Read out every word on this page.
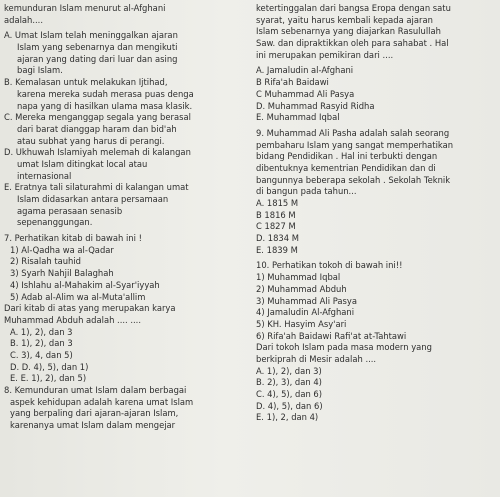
kemunduran Islam menurut al-Afghani
adalah....
A. Umat Islam telah meninggalkan ajaran
Islam yang sebenarnya dan mengikuti
ajaran yang dating dari luar dan asing
bagi Islam.
B. Kemalasan untuk melakukan Ijtihad,
karena mereka sudah merasa puas denga
napa yang di hasilkan ulama masa klasik.
C. Mereka menganggap segala yang berasal
dari barat dianggap haram dan bid'ah
atau subhat yang harus di perangi.
D. Ukhuwah Islamiyah melemah di kalangan
umat Islam ditingkat local atau
internasional
E. Eratnya tali silaturahmi di kalangan umat
Islam didasarkan antara persamaan
agama perasaan senasib
sepenanggungan.
7. Perhatikan kitab di bawah ini !
1) Al-Qadha wa al-Qadar
2) Risalah tauhid
3) Syarh Nahjil Balaghah
4) Ishlahu al-Mahakim al-Syar'iyyah
5) Adab al-Alim wa al-Muta'allim
Dari kitab di atas yang merupakan karya
Muhammad Abduh adalah .... ....
A. 1), 2), dan 3
B. 1), 2), dan 3
C. 3), 4, dan 5)
D. D. 4), 5), dan 1)
E. E. 1), 2), dan 5)
8. Kemunduran umat Islam dalam berbagai
aspek kehidupan adalah karena umat Islam
yang berpaling dari ajaran-ajaran Islam,
karenanya umat Islam dalam mengejar
ketertinggalan dari bangsa Eropa dengan satu
syarat, yaitu harus kembali kepada ajaran
Islam sebenarnya yang diajarkan Rasulullah
Saw. dan dipraktikkan oleh para sahabat . Hal
ini merupakan pemikiran dari ....
A. Jamaludin al-Afghani
B Rifa'ah Baidawi
C Muhammad Ali Pasya
D. Muhammad Rasyid Ridha
E. Muhammad Iqbal
9. Muhammad Ali Pasha adalah salah seorang
pembaharu Islam yang sangat memperhatikan
bidang Pendidikan . Hal ini terbukti dengan
dibentuknya kementrian Pendidikan dan di
bangunnya beberapa sekolah . Sekolah Teknik
di bangun pada tahun...
A. 1815 M
B 1816 M
C 1827 M
D. 1834 M
E. 1839 M
10. Perhatikan tokoh di bawah ini!!
1) Muhammad Iqbal
2) Muhammad Abduh
3) Muhammad Ali Pasya
4) Jamaludin Al-Afghani
5) KH. Hasyim Asy'ari
6) Rifa'ah Baidawi Rafi'at at-Tahtawi
Dari tokoh Islam pada masa modern yang
berkiprah di Mesir adalah ....
A. 1), 2), dan 3)
B. 2), 3), dan 4)
C. 4), 5), dan 6)
D. 4), 5), dan 6)
E. 1), 2, dan 4)
